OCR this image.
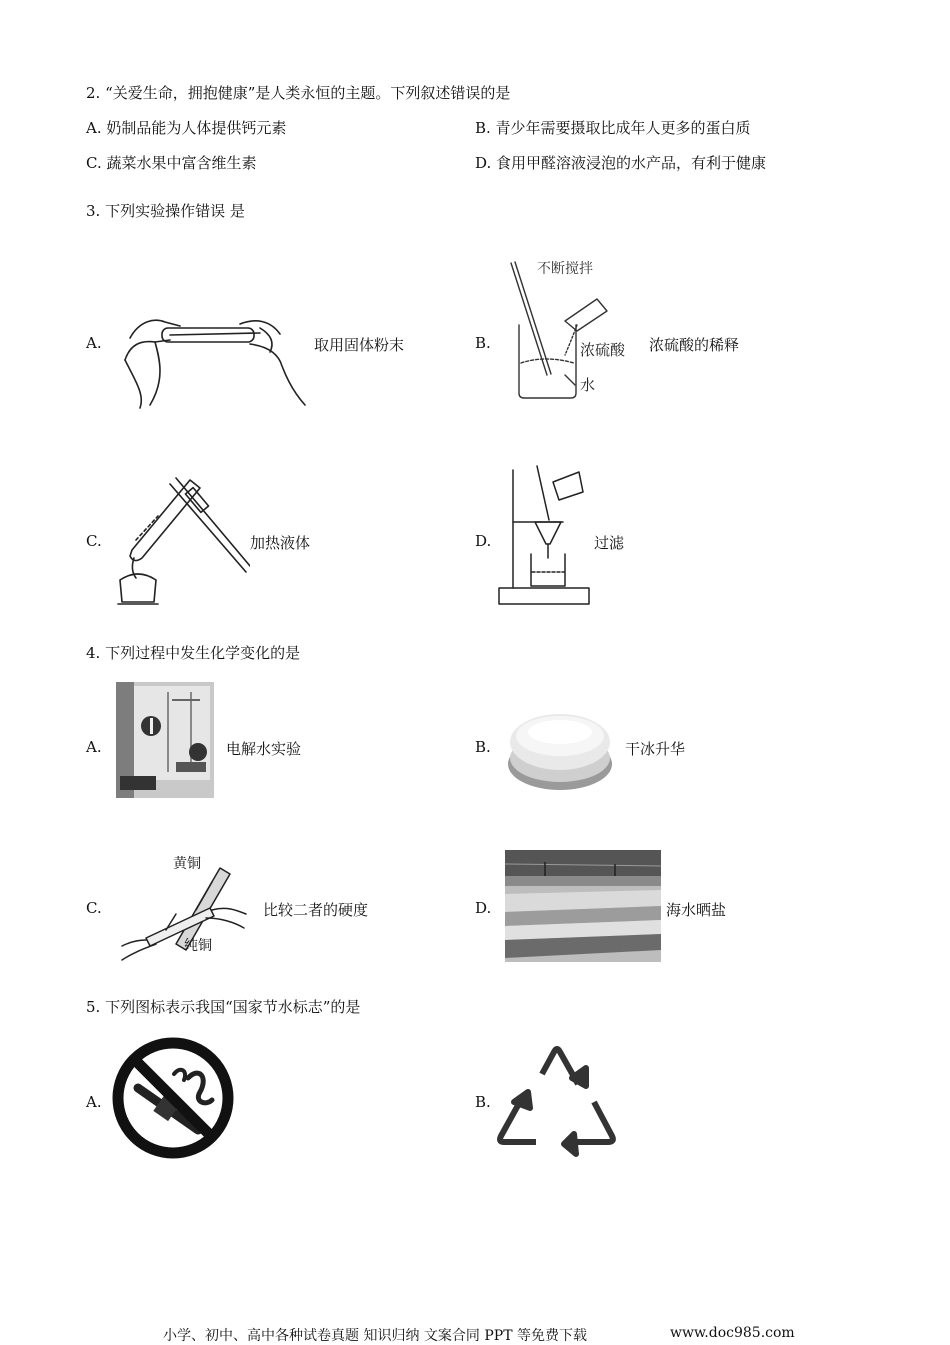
2. “关爱生命，拥抱健康”是人类永恒的主题。下列叙述错误的是
A. 奶制品能为人体提供钙元素	B. 青少年需要摄取比成年人更多的蛋白质
C. 蔬菜水果中富含维生素	D. 食用甲醛溶液浸泡的水产品，有利于健康
3. 下列实验操作错误 是
A.	取用固体粉末	B.
不断搅拌
浓硫酸
水
浓硫酸的稀释
C.	加热液体	D.	过滤
4. 下列过程中发生化学变化的是
A.	电解水实验	B.	干冰升华
C.
黄铜
纯铜
比较二者的硬度	D.	海水晒盐
5. 下列图标表示我国“国家节水标志”的是
A.	B.
小学、初中、高中各种试卷真题 知识归纳 文案合同 PPT 等免费下载	www.doc985.com
